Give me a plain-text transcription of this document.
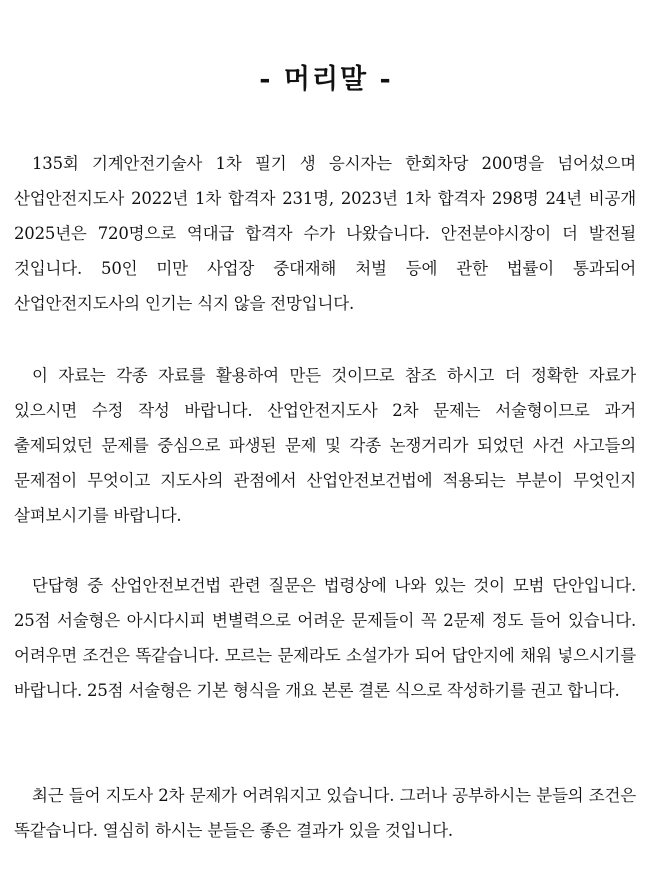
- 머리말 -

135회 기계안전기술사 1차 필기 생 응시자는 한회차당 200명을 넘어섰으며 산업안전지도사 2022년 1차 합격자 231명, 2023년 1차 합격자 298명 24년 비공개 2025년은 720명으로 역대급 합격자 수가 나왔습니다. 안전분야시장이 더 발전될 것입니다. 50인 미만 사업장 중대재해 처벌 등에 관한 법률이 통과되어 산업안전지도사의 인기는 식지 않을 전망입니다.

이 자료는 각종 자료를 활용하여 만든 것이므로 참조 하시고 더 정확한 자료가 있으시면 수정 작성 바랍니다. 산업안전지도사 2차 문제는 서술형이므로 과거 출제되었던 문제를 중심으로 파생된 문제 및 각종 논쟁거리가 되었던 사건 사고들의 문제점이 무엇이고 지도사의 관점에서 산업안전보건법에 적용되는 부분이 무엇인지 살펴보시기를 바랍니다.

단답형 중 산업안전보건법 관련 질문은 법령상에 나와 있는 것이 모범 단안입니다. 25점 서술형은 아시다시피 변별력으로 어려운 문제들이 꼭 2문제 정도 들어 있습니다. 어려우면 조건은 똑같습니다. 모르는 문제라도 소설가가 되어 답안지에 채워 넣으시기를 바랍니다. 25점 서술형은 기본 형식을 개요 본론 결론 식으로 작성하기를 권고 합니다.

최근 들어 지도사 2차 문제가 어려워지고 있습니다. 그러나 공부하시는 분들의 조건은 똑같습니다. 열심히 하시는 분들은 좋은 결과가 있을 것입니다.
